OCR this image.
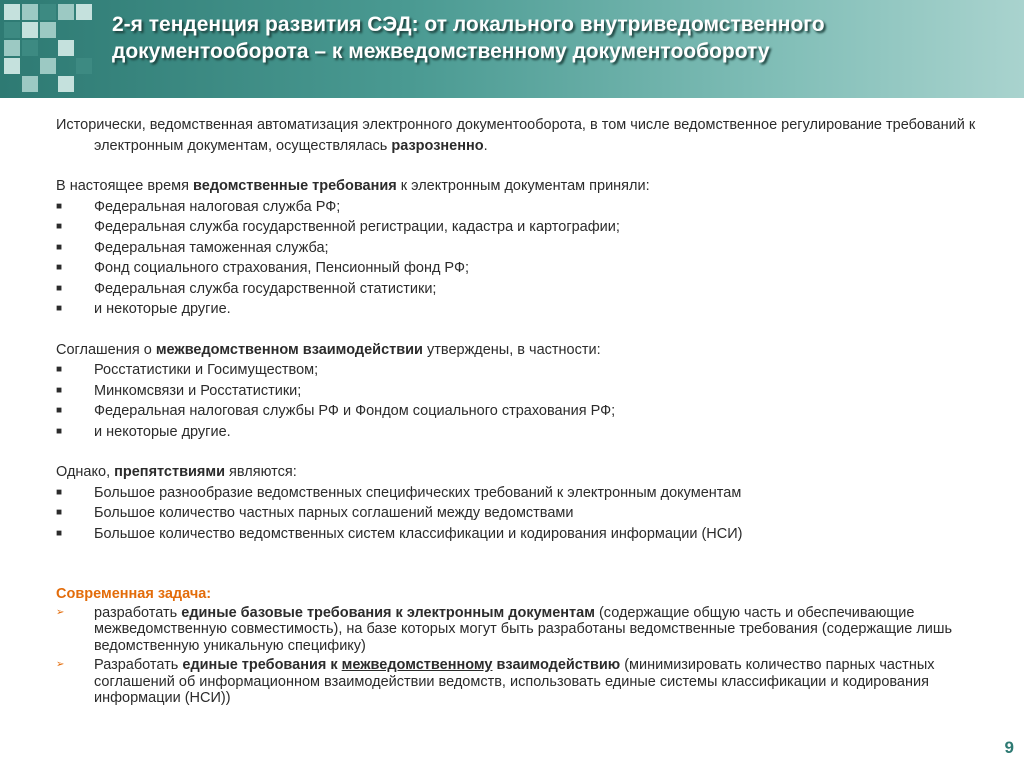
2-я тенденция развития СЭД: от локального внутриведомственного
документооборота – к межведомственному документообороту

Исторически, ведомственная автоматизация электронного документооборота, в том числе ведомственное регулирование требований к электронным документам, осуществлялась разрозненно.

В настоящее время ведомственные требования к электронным документам приняли:

■ Федеральная налоговая служба РФ;
■ Федеральная служба государственной регистрации, кадастра и картографии;
■ Федеральная таможенная служба;
■ Фонд социального страхования, Пенсионный фонд РФ;
■ Федеральная служба государственной статистики;
■ и некоторые другие.

Соглашения о межведомственном взаимодействии утверждены, в частности:

■ Росстатистики и Госимуществом;
■ Минкомсвязи и Росстатистики;
■ Федеральная налоговая службы РФ и Фондом социального страхования РФ;
■ и некоторые другие.

Однако, препятствиями являются:

■ Большое разнообразие ведомственных специфических требований к электронным документам
■ Большое количество частных парных соглашений между ведомствами
■ Большое количество ведомственных систем классификации и кодирования информации (НСИ)

Современная задача:

➢ разработать единые базовые требования к электронным документам (содержащие общую часть и обеспечивающие межведомственную совместимость), на базе которых могут быть разработаны ведомственные требования (содержащие лишь ведомственную уникальную специфику)
➢ Разработать единые требования к межведомственному взаимодействию (минимизировать количество парных частных соглашений об информационном взаимодействии ведомств, использовать единые системы классификации и кодирования информации (НСИ))
9
